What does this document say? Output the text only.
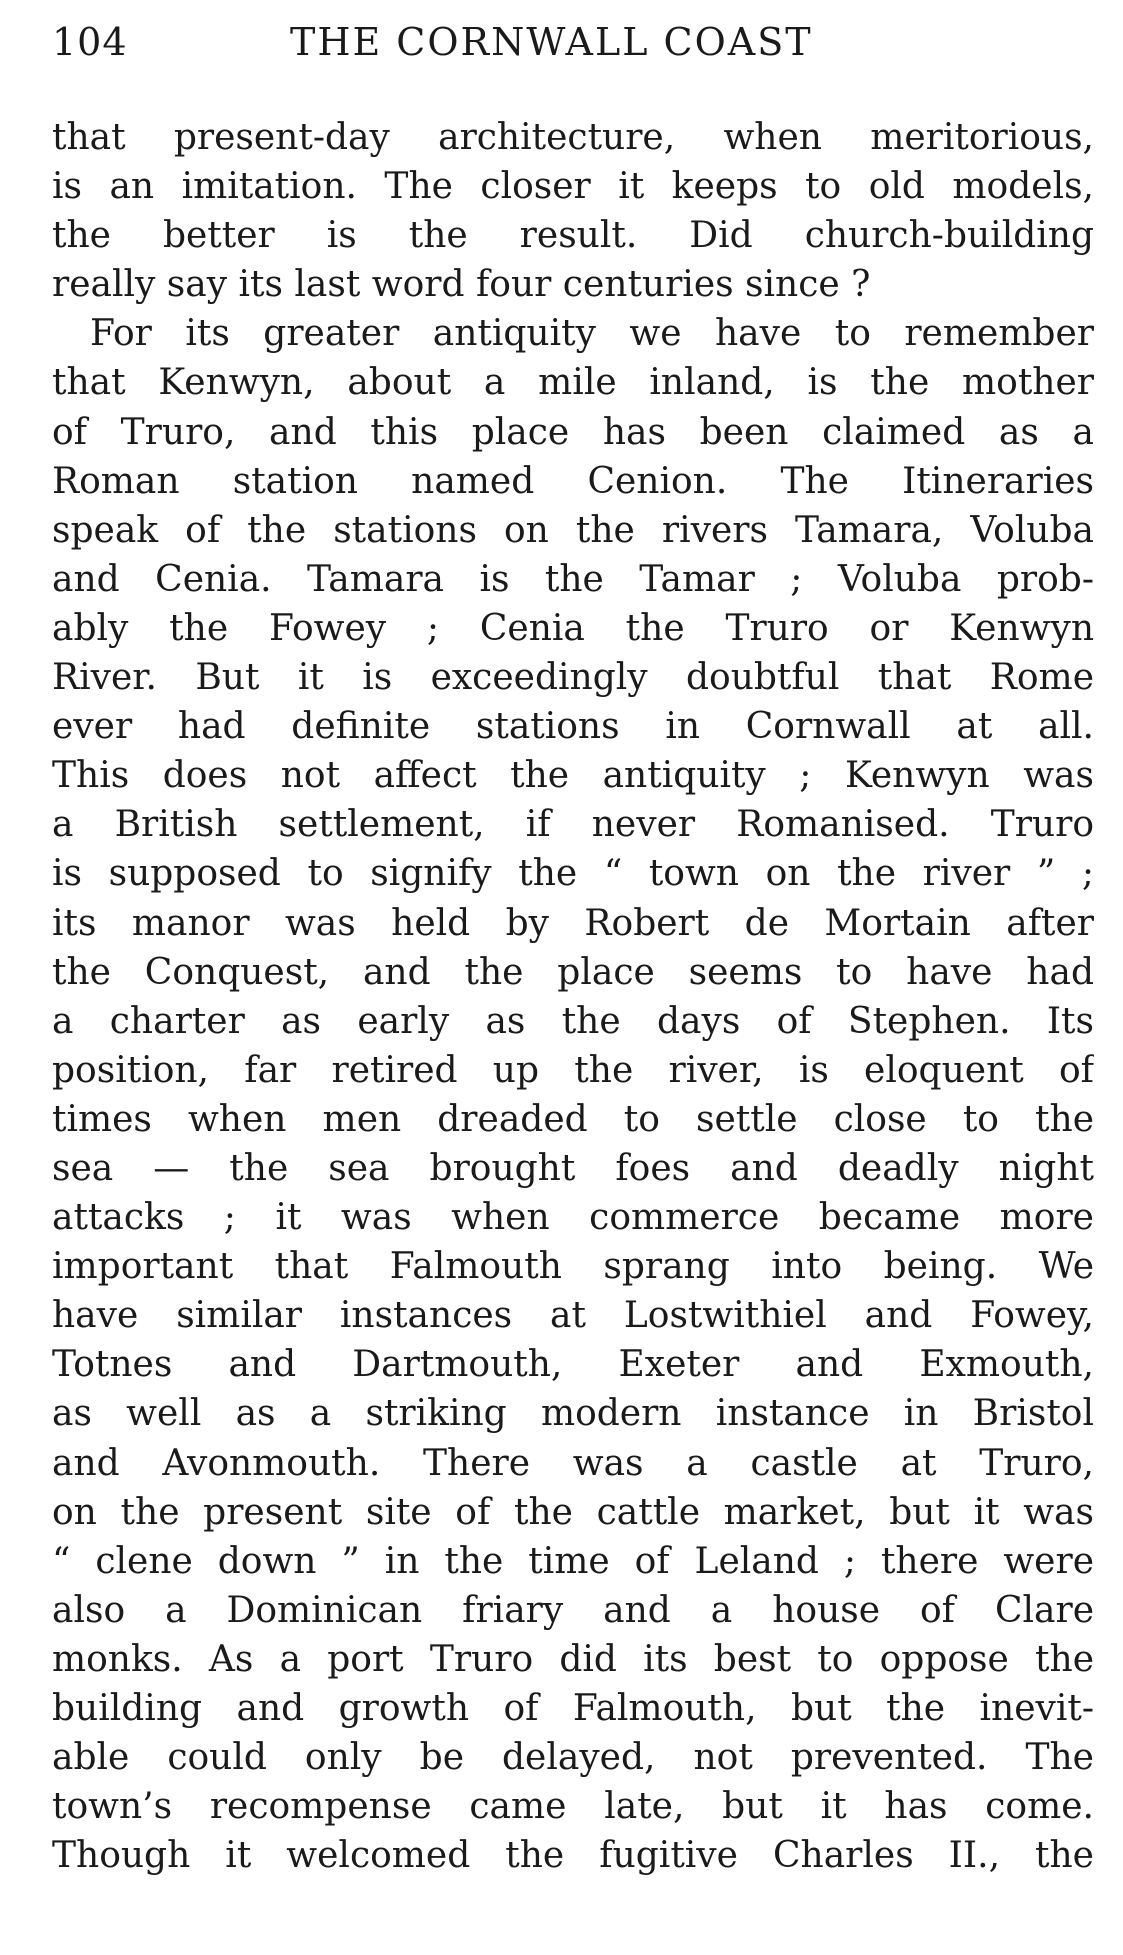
104	THE CORNWALL COAST
that present-day architecture, when meritorious,
is an imitation. The closer it keeps to old models,
the better is the result. Did church-building
really say its last word four centuries since ?
For its greater antiquity we have to remember
that Kenwyn, about a mile inland, is the mother
of Truro, and this place has been claimed as a
Roman station named Cenion. The Itineraries
speak of the stations on the rivers Tamara, Voluba
and Cenia. Tamara is the Tamar ; Voluba prob-
ably the Fowey ; Cenia the Truro or Kenwyn
River. But it is exceedingly doubtful that Rome
ever had definite stations in Cornwall at all.
This does not affect the antiquity ; Kenwyn was
a British settlement, if never Romanised. Truro
is supposed to signify the “ town on the river ” ;
its manor was held by Robert de Mortain after
the Conquest, and the place seems to have had
a charter as early as the days of Stephen. Its
position, far retired up the river, is eloquent of
times when men dreaded to settle close to the
sea — the sea brought foes and deadly night
attacks ; it was when commerce became more
important that Falmouth sprang into being. We
have similar instances at Lostwithiel and Fowey,
Totnes and Dartmouth, Exeter and Exmouth,
as well as a striking modern instance in Bristol
and Avonmouth. There was a castle at Truro,
on the present site of the cattle market, but it was
“ clene down ” in the time of Leland ; there were
also a Dominican friary and a house of Clare
monks. As a port Truro did its best to oppose the
building and growth of Falmouth, but the inevit-
able could only be delayed, not prevented. The
town’s recompense came late, but it has come.
Though it welcomed the fugitive Charles II., the
